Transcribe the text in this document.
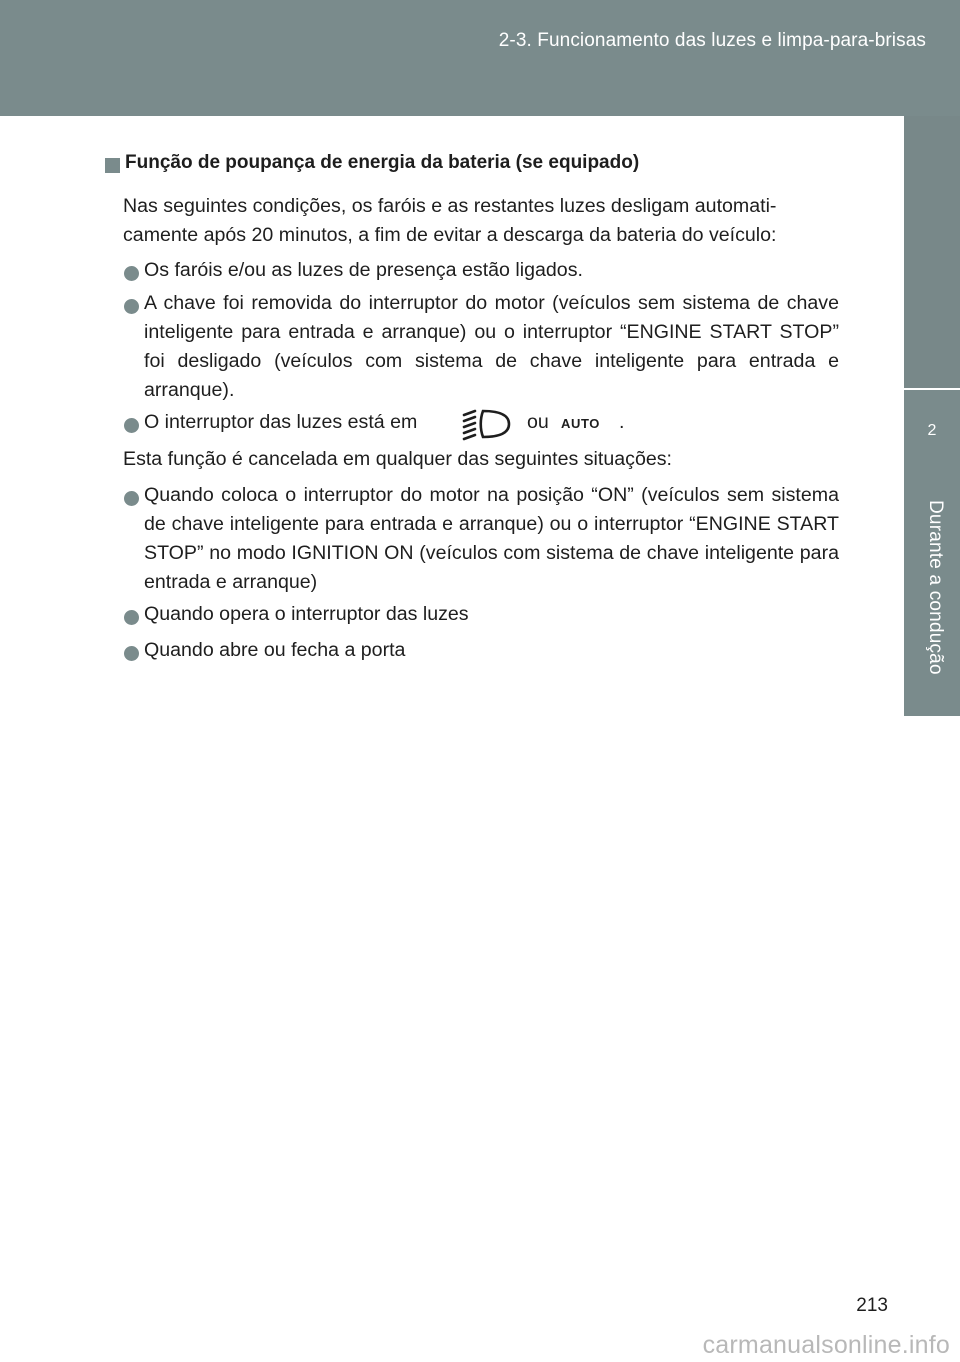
2-3. Funcionamento das luzes e limpa-para-brisas
2
Durante a condução
Função de poupança de energia da bateria (se equipado)
Nas seguintes condições, os faróis e as restantes luzes desligam automati-
camente após 20 minutos, a fim de evitar a descarga da bateria do veículo:
Os faróis e/ou as luzes de presença estão ligados.
A chave foi removida do interruptor do motor (veículos sem sistema de chave inteligente para entrada e arranque) ou o interruptor “ENGINE START STOP” foi desligado (veículos com sistema de chave inteligente para entrada e arranque).
O interruptor das luzes está em	ou AUTO .
Esta função é cancelada em qualquer das seguintes situações:
Quando coloca o interruptor do motor na posição “ON” (veículos sem sistema de chave inteligente para entrada e arranque) ou o interruptor “ENGINE START STOP” no modo IGNITION ON (veículos com sistema de chave inteligente para entrada e arranque)
Quando opera o interruptor das luzes
Quando abre ou fecha a porta
213
carmanualsonline.info
